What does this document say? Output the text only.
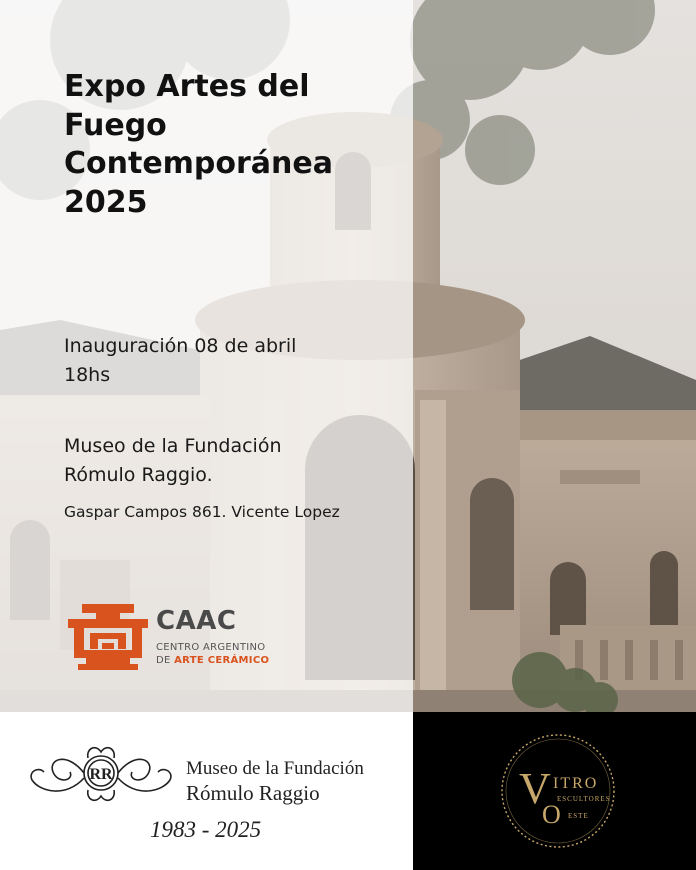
Expo Artes del
Fuego
Contemporánea
2025
Inauguración 08 de abril
18hs
Museo de la Fundación
Rómulo Raggio.
Gaspar Campos 861. Vicente Lopez
CAAC
CENTRO ARGENTINO
DE ARTE CERÁMICO
RR	Museo de la Fundación
Rómulo Raggio
1983 - 2025
V ITRO
ESCULTORES
O ESTE
